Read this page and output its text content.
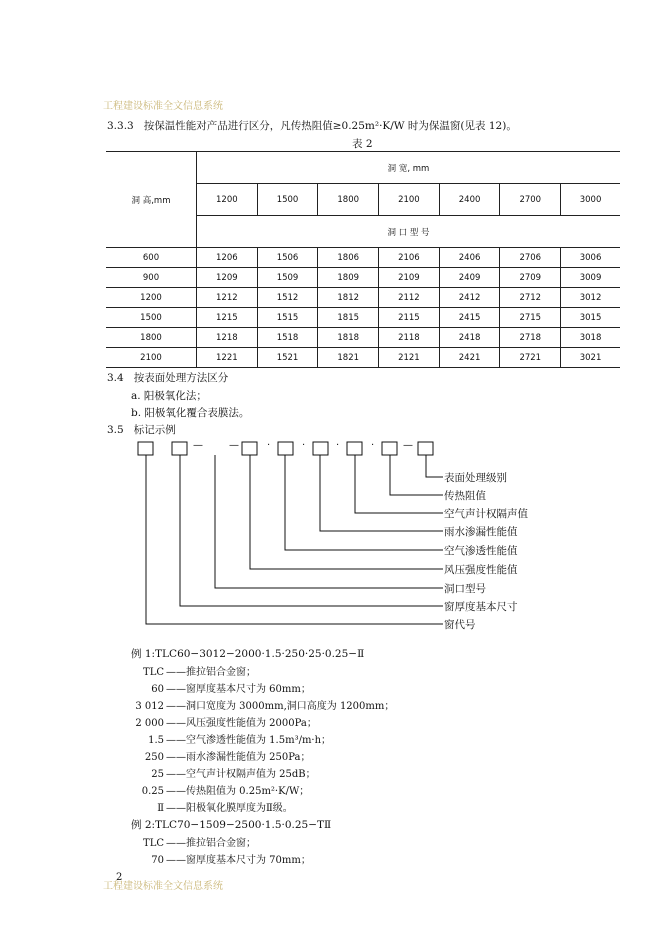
工程建设标准全文信息系统
3.3.3 按保温性能对产品进行区分，凡传热阻值≥0.25m²·K/W 时为保温窗(见表 12)。
表 2
洞 高,mm	洞 宽, mm						
	1200	1500	1800	2100	2400	2700	3000
	洞 口 型 号						
600	1206	1506	1806	2106	2406	2706	3006
900	1209	1509	1809	2109	2409	2709	3009
1200	1212	1512	1812	2112	2412	2712	3012
1500	1215	1515	1815	2115	2415	2715	3015
1800	1218	1518	1818	2118	2418	2718	3018
2100	1221	1521	1821	2121	2421	2721	3021
3.4 按表面处理方法区分
a. 阳极氧化法；
b. 阳极氧化覆合表膜法。
3.5 标记示例
—	—	·	·	·	·	—
表面处理级别
传热阻值
空气声计权隔声值
雨水渗漏性能值
空气渗透性能值
风压强度性能值
洞口型号
窗厚度基本尺寸
窗代号
例 1:TLC60−3012−2000·1.5·250·25·0.25−Ⅱ
TLC ——推拉铝合金窗；
60 ——窗厚度基本尺寸为 60mm；
3 012 ——洞口宽度为 3000mm,洞口高度为 1200mm；
2 000 ——风压强度性能值为 2000Pa；
1.5 ——空气渗透性能值为 1.5m³/m·h；
250 ——雨水渗漏性能值为 250Pa；
25 ——空气声计权隔声值为 25dB；
0.25 ——传热阻值为 0.25m²·K/W；
Ⅱ ——阳极氧化膜厚度为Ⅱ级。
例 2:TLC70−1509−2500·1.5·0.25−TⅡ
TLC ——推拉铝合金窗；
70 ——窗厚度基本尺寸为 70mm；
工程建设标准全文信息系统
2
